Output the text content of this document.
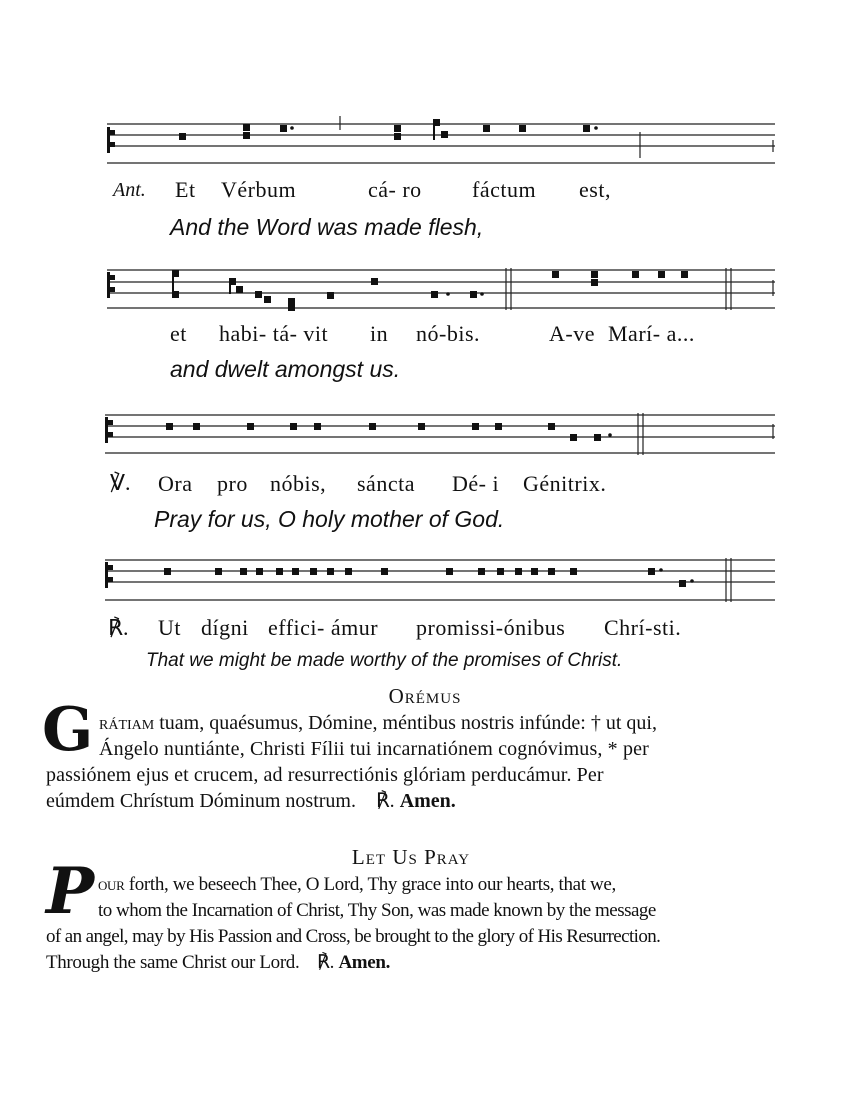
Ant. Et Vérbum	cá- ro fáctum est,
And the Word was made flesh,
et habi- tá- vit in nó-bis.	A-ve Marí- a...
and dwelt amongst us.
℣. Ora pro nóbis, sáncta Dé- i Génitrix.
Pray for us, O holy mother of God.
℟. Ut dígni effici- ámur promissi-ónibus Chrí-sti.
That we might be made worthy of the promises of Christ.
Orémus
G rátiam tuam, quaésumus, Dómine, méntibus nostris infúnde: † ut qui,
Ángelo nuntiánte, Christi Fílii tui incarnatiónem cognóvimus, * per
passiónem ejus et crucem, ad resurrectiónis glóriam perducámur. Per
eúmdem Chrístum Dóminum nostrum. ℟. Amen.
Let Us Pray
P our forth, we beseech Thee, O Lord, Thy grace into our hearts, that we,
to whom the Incarnation of Christ, Thy Son, was made known by the message
of an angel, may by His Passion and Cross, be brought to the glory of His Resurrection.
Through the same Christ our Lord. ℟. Amen.
